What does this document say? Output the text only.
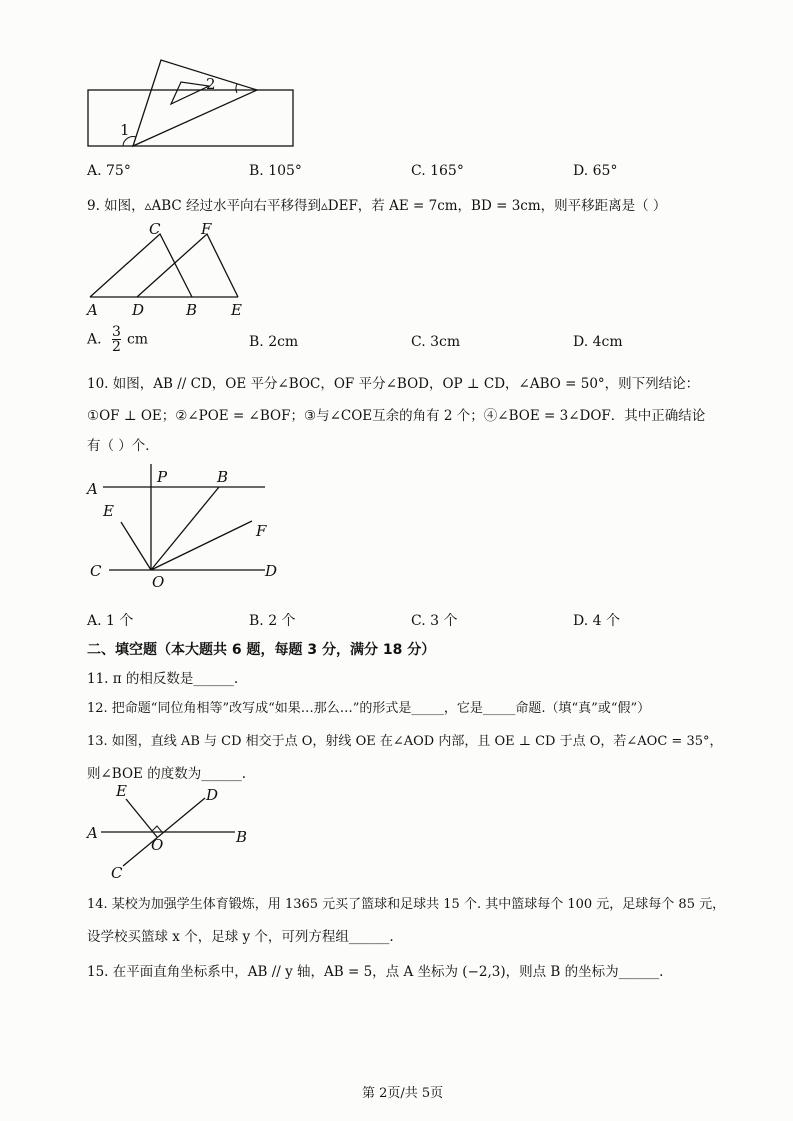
1
2
A. 75°	B. 105°	C. 165°	D. 65°
9. 如图，▵ABC 经过水平向右平移得到▵DEF，若 AE = 7cm，BD = 3cm，则平移距离是（ ）
C	F
A D	B E
A. $\frac{3}{2}$ cm	B. 2cm	C. 3cm	D. 4cm
10. 如图，AB // CD，OE 平分∠BOC，OF 平分∠BOD，OP ⊥ CD，∠ABO = 50°，则下列结论：
①OF ⊥ OE；②∠POE = ∠BOF；③与∠COE互余的角有 2 个；④∠BOE = 3∠DOF．其中正确结论
有（ ）个．
A
P	B
E
F
C
O
D
A. 1 个	B. 2 个	C. 3 个	D. 4 个
二、填空题（本大题共 6 题，每题 3 分，满分 18 分）
11. π 的相反数是______.
12. 把命题“同位角相等”改写成“如果…那么…”的形式是_____，它是_____命题.（填“真”或“假”）
13. 如图，直线 AB 与 CD 相交于点 O，射线 OE 在∠AOD 内部，且 OE ⊥ CD 于点 O，若∠AOC = 35°，
则∠BOE 的度数为______.
E	D
A
O	B
C
14. 某校为加强学生体育锻炼，用 1365 元买了篮球和足球共 15 个. 其中篮球每个 100 元，足球每个 85 元，
设学校买篮球 x 个，足球 y 个，可列方程组______.
15. 在平面直角坐标系中，AB // y 轴，AB = 5，点 A 坐标为 (−2,3)，则点 B 的坐标为______.
第 2页/共 5页
